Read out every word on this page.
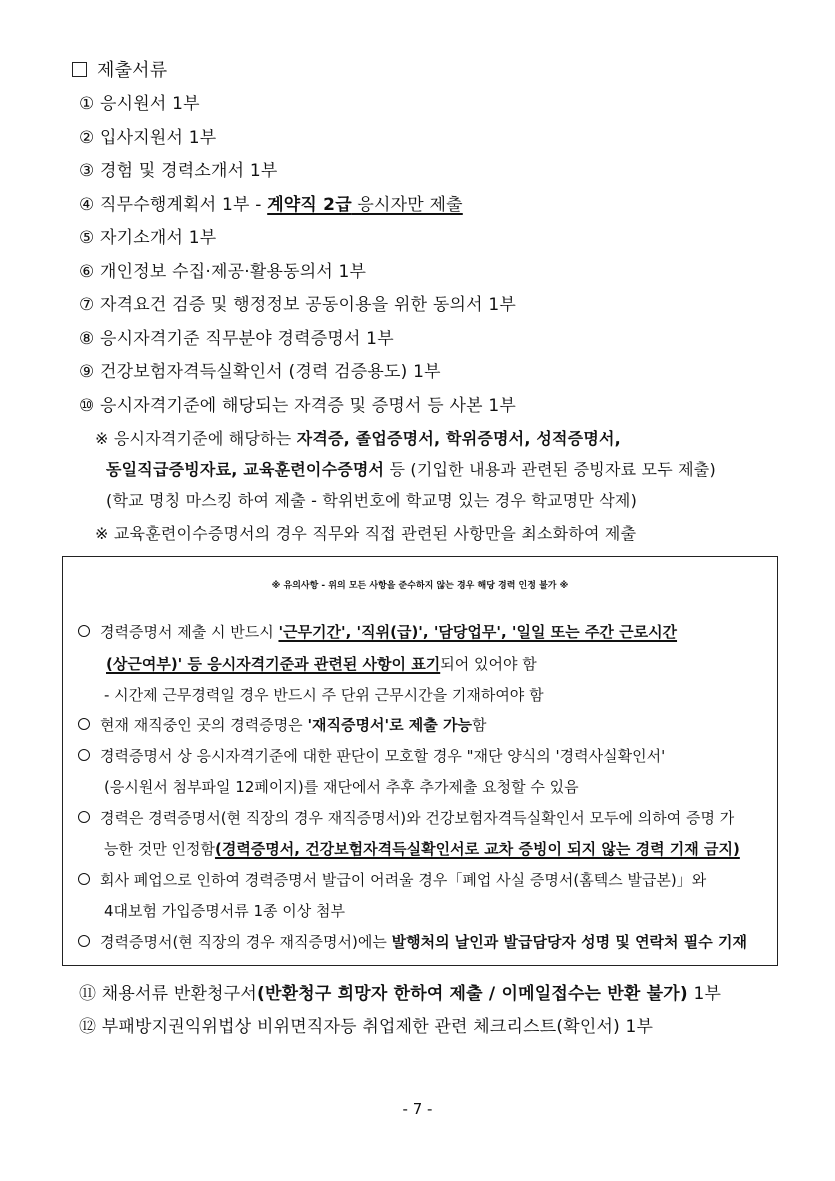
제출서류
① 응시원서 1부
② 입사지원서 1부
③ 경험 및 경력소개서 1부
④ 직무수행계획서 1부 - 계약직 2급 응시자만 제출
⑤ 자기소개서 1부
⑥ 개인정보 수집·제공·활용동의서 1부
⑦ 자격요건 검증 및 행정정보 공동이용을 위한 동의서 1부
⑧ 응시자격기준 직무분야 경력증명서 1부
⑨ 건강보험자격득실확인서 (경력 검증용도) 1부
⑩ 응시자격기준에 해당되는 자격증 및 증명서 등 사본 1부
※ 응시자격기준에 해당하는 자격증, 졸업증명서, 학위증명서, 성적증명서,
동일직급증빙자료, 교육훈련이수증명서 등 (기입한 내용과 관련된 증빙자료 모두 제출)
(학교 명칭 마스킹 하여 제출 - 학위번호에 학교명 있는 경우 학교명만 삭제)
※ 교육훈련이수증명서의 경우 직무와 직접 관련된 사항만을 최소화하여 제출
※ 유의사항 - 위의 모든 사항을 준수하지 않는 경우 해당 경력 인정 불가 ※
경력증명서 제출 시 반드시 '근무기간', '직위(급)', '담당업무', '일일 또는 주간 근로시간
(상근여부)' 등 응시자격기준과 관련된 사항이 표기되어 있어야 함
- 시간제 근무경력일 경우 반드시 주 단위 근무시간을 기재하여야 함
현재 재직중인 곳의 경력증명은 '재직증명서'로 제출 가능함
경력증명서 상 응시자격기준에 대한 판단이 모호할 경우 "재단 양식의 '경력사실확인서'
(응시원서 첨부파일 12페이지)를 재단에서 추후 추가제출 요청할 수 있음
경력은 경력증명서(현 직장의 경우 재직증명서)와 건강보험자격득실확인서 모두에 의하여 증명 가
능한 것만 인정함(경력증명서, 건강보험자격득실확인서로 교차 증빙이 되지 않는 경력 기재 금지)
회사 폐업으로 인하여 경력증명서 발급이 어려울 경우「폐업 사실 증명서(홈텍스 발급본)」와
4대보험 가입증명서류 1종 이상 첨부
경력증명서(현 직장의 경우 재직증명서)에는 발행처의 날인과 발급담당자 성명 및 연락처 필수 기재
⑪ 채용서류 반환청구서(반환청구 희망자 한하여 제출 / 이메일접수는 반환 불가) 1부
⑫ 부패방지권익위법상 비위면직자등 취업제한 관련 체크리스트(확인서) 1부
- 7 -
